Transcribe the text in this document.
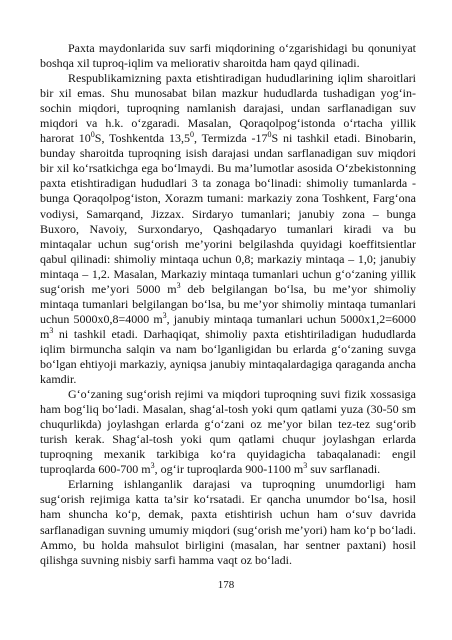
Paxta maydonlarida suv sarfi miqdorining o‘zgarishidagi bu qonuniyat boshqa xil tuproq-iqlim va meliorativ sharoitda ham qayd qilinadi.

Respublikamizning paxta etishtiradigan hududlarining iqlim sharoitlari bir xil emas. Shu munosabat bilan mazkur hududlarda tushadigan yog‘in-sochin miqdori, tuproqning namlanish darajasi, undan sarflanadigan suv miqdori va h.k. o‘zgaradi. Masalan, Qoraqolpog‘istonda o‘rtacha yillik harorat $10^0S$, Toshkentda 13,5$^0$, Termizda $-17^0S$ ni tashkil etadi. Binobarin, bunday sharoitda tuproqning isish darajasi undan sarflanadigan suv miqdori bir xil ko‘rsatkichga ega bo‘lmaydi. Bu ma’lumotlar asosida O‘zbekistonning paxta etishtiradigan hududlari 3 ta zonaga bo‘linadi: shimoliy tumanlarda - bunga Qoraqolpog‘iston, Xorazm tumani: markaziy zona Toshkent, Farg‘ona vodiysi, Samarqand, Jizzax. Sirdaryo tumanlari; janubiy zona – bunga Buxoro, Navoiy, Surxondaryo, Qashqadaryo tumanlari kiradi va bu mintaqalar uchun sug‘orish me’yorini belgilashda quyidagi koeffitsientlar qabul qilinadi: shimoliy mintaqa uchun 0,8; markaziy mintaqa – 1,0; janubiy mintaqa – 1,2. Masalan, Markaziy mintaqa tumanlari uchun g‘o‘zaning yillik sug‘orish me’yori 5000 $m^3$ deb belgilangan bo‘lsa, bu me’yor shimoliy mintaqa tumanlari belgilangan bo‘lsa, bu me’yor shimoliy mintaqa tumanlari uchun 5000x0,8=4000 $m^3$, janubiy mintaqa tumanlari uchun 5000x1,2=6000 $m^3$ ni tashkil etadi. Darhaqiqat, shimoliy paxta etishtiriladigan hududlarda iqlim birmuncha salqin va nam bo‘lganligidan bu erlarda g‘o‘zaning suvga bo‘lgan ehtiyoji markaziy, ayniqsa janubiy mintaqalardagiga qaraganda ancha kamdir.

G‘o‘zaning sug‘orish rejimi va miqdori tuproqning suvi fizik xossasiga ham bog‘liq bo‘ladi. Masalan, shag‘al-tosh yoki qum qatlami yuza (30-50 sm chuqurlikda) joylashgan erlarda g‘o‘zani oz me’yor bilan tez-tez sug‘orib turish kerak. Shag‘al-tosh yoki qum qatlami chuqur joylashgan erlarda tuproqning mexanik tarkibiga ko‘ra quyidagicha tabaqalanadi: engil tuproqlarda 600-700 $m^3$, og‘ir tuproqlarda 900-1100 $m^3$ suv sarflanadi.

Erlarning ishlanganlik darajasi va tuproqning unumdorligi ham sug‘orish rejimiga katta ta’sir ko‘rsatadi. Er qancha unumdor bo‘lsa, hosil ham shuncha ko‘p, demak, paxta etishtirish uchun ham o‘suv davrida sarflanadigan suvning umumiy miqdori (sug‘orish me’yori) ham ko‘p bo‘ladi. Ammo, bu holda mahsulot birligini (masalan, har sentner paxtani) hosil qilishga suvning nisbiy sarfi hamma vaqt oz bo‘ladi.

178
